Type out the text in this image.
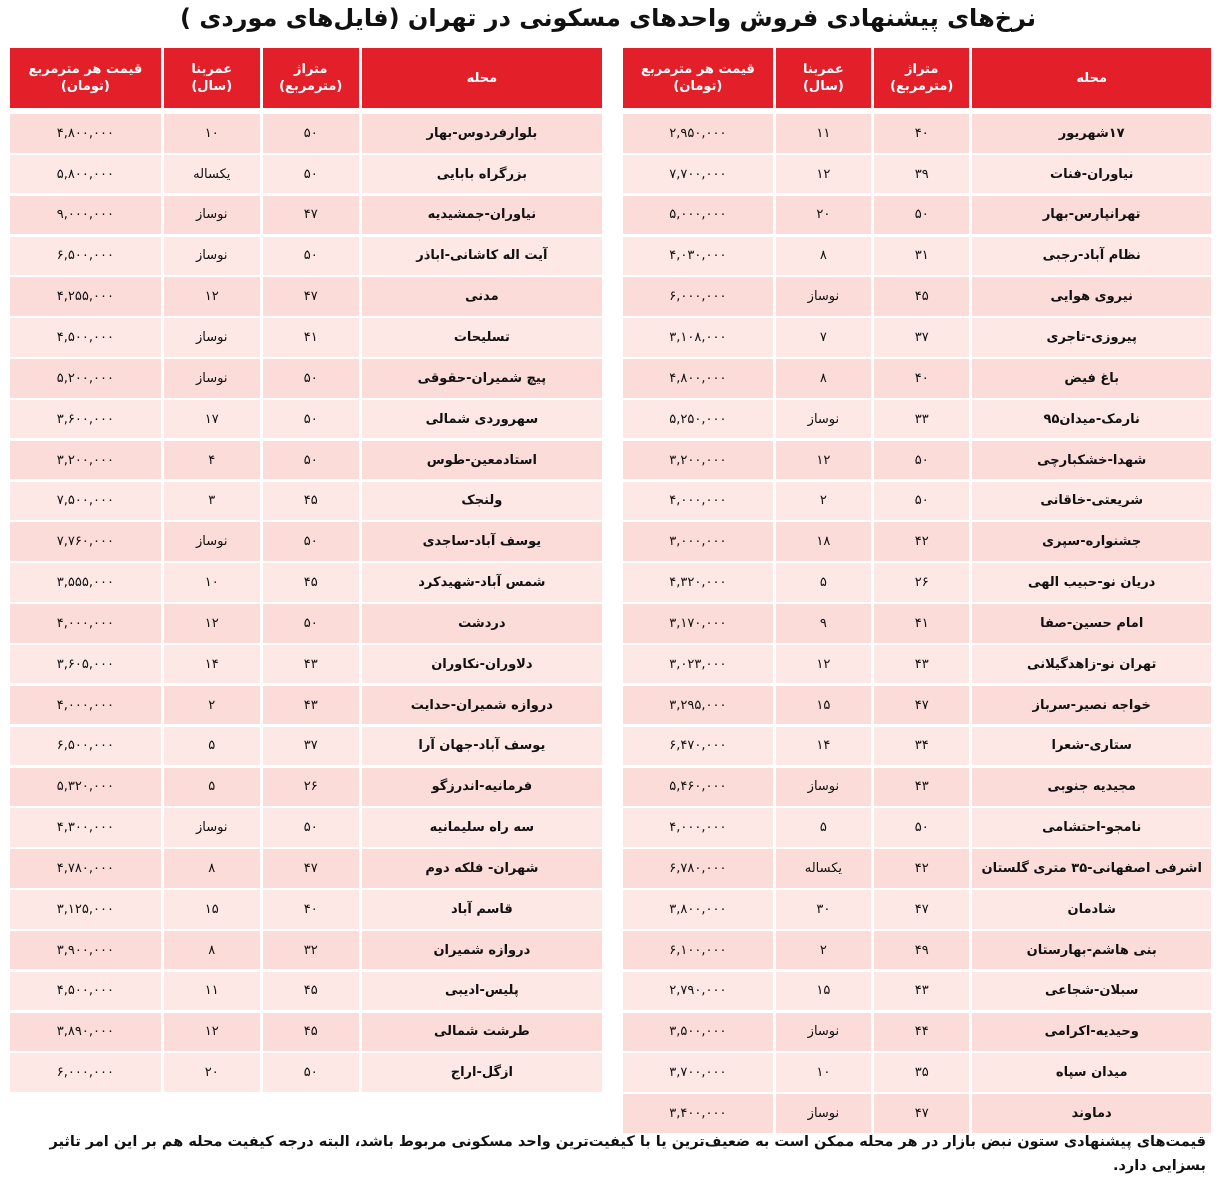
نرخ‌های پیشنهادی فروش واحدهای مسکونی در تهران (فایل‌های موردی )
محله
متراژ
(مترمربع)
عمربنا
(سال)
قیمت هر مترمربع
(تومان)
۱۷شهریور
۴۰
۱۱
۲,۹۵۰,۰۰۰
نیاوران-فنات
۳۹
۱۲
۷,۷۰۰,۰۰۰
تهرانپارس-بهار
۵۰
۲۰
۵,۰۰۰,۰۰۰
نظام آباد-رجبی
۳۱
۸
۴,۰۳۰,۰۰۰
نیروی هوایی
۴۵
نوساز
۶,۰۰۰,۰۰۰
پیروزی-تاجری
۳۷
۷
۳,۱۰۸,۰۰۰
باغ فیض
۴۰
۸
۴,۸۰۰,۰۰۰
نارمک-میدان۹۵
۳۳
نوساز
۵,۲۵۰,۰۰۰
شهدا-خشکبارچی
۵۰
۱۲
۳,۲۰۰,۰۰۰
شریعتی-خاقانی
۵۰
۲
۴,۰۰۰,۰۰۰
جشنواره-سپری
۴۲
۱۸
۳,۰۰۰,۰۰۰
دریان نو-حبیب الهی
۲۶
۵
۴,۳۲۰,۰۰۰
امام حسین-صفا
۴۱
۹
۳,۱۷۰,۰۰۰
تهران نو-زاهدگیلانی
۴۳
۱۲
۳,۰۲۳,۰۰۰
خواجه نصیر-سرباز
۴۷
۱۵
۳,۲۹۵,۰۰۰
ستاری-شعرا
۳۴
۱۴
۶,۴۷۰,۰۰۰
مجیدیه جنوبی
۴۳
نوساز
۵,۴۶۰,۰۰۰
نامجو-احتشامی
۵۰
۵
۴,۰۰۰,۰۰۰
اشرفی اصفهانی-۳۵ متری گلستان
۴۲
یکساله
۶,۷۸۰,۰۰۰
شادمان
۴۷
۳۰
۳,۸۰۰,۰۰۰
بنی هاشم-بهارستان
۴۹
۲
۶,۱۰۰,۰۰۰
سبلان-شجاعی
۴۳
۱۵
۲,۷۹۰,۰۰۰
وحیدیه-اکرامی
۴۴
نوساز
۳,۵۰۰,۰۰۰
میدان سپاه
۳۵
۱۰
۳,۷۰۰,۰۰۰
دماوند
۴۷
نوساز
۳,۴۰۰,۰۰۰
محله
متراژ
(مترمربع)
عمربنا
(سال)
قیمت هر مترمربع
(تومان)
بلوارفردوس-بهار
۵۰
۱۰
۴,۸۰۰,۰۰۰
بزرگراه بابایی
۵۰
یکساله
۵,۸۰۰,۰۰۰
نیاوران-جمشیدیه
۴۷
نوساز
۹,۰۰۰,۰۰۰
آیت اله کاشانی-اباذر
۵۰
نوساز
۶,۵۰۰,۰۰۰
مدنی
۴۷
۱۲
۴,۲۵۵,۰۰۰
تسلیحات
۴۱
نوساز
۴,۵۰۰,۰۰۰
پیچ شمیران-حقوقی
۵۰
نوساز
۵,۲۰۰,۰۰۰
سهروردی شمالی
۵۰
۱۷
۳,۶۰۰,۰۰۰
استادمعین-طوس
۵۰
۴
۳,۲۰۰,۰۰۰
ولنجک
۴۵
۳
۷,۵۰۰,۰۰۰
یوسف آباد-ساجدی
۵۰
نوساز
۷,۷۶۰,۰۰۰
شمس آباد-شهیدکرد
۴۵
۱۰
۳,۵۵۵,۰۰۰
دردشت
۵۰
۱۲
۴,۰۰۰,۰۰۰
دلاوران-نکاوران
۴۳
۱۴
۳,۶۰۵,۰۰۰
دروازه شمیران-حدایت
۴۳
۲
۴,۰۰۰,۰۰۰
یوسف آباد-جهان آرا
۳۷
۵
۶,۵۰۰,۰۰۰
فرمانیه-اندرزگو
۲۶
۵
۵,۳۲۰,۰۰۰
سه راه سلیمانیه
۵۰
نوساز
۴,۳۰۰,۰۰۰
شهران- فلکه دوم
۴۷
۸
۴,۷۸۰,۰۰۰
قاسم آباد
۴۰
۱۵
۳,۱۲۵,۰۰۰
دروازه شمیران
۳۲
۸
۳,۹۰۰,۰۰۰
پلیس-ادیبی
۴۵
۱۱
۴,۵۰۰,۰۰۰
طرشت شمالی
۴۵
۱۲
۳,۸۹۰,۰۰۰
ازگل-اراج
۵۰
۲۰
۶,۰۰۰,۰۰۰
قیمت‌های پیشنهادی ستون نبض بازار در هر محله ممکن است به ضعیف‌ترین یا با کیفیت‌ترین واحد مسکونی مربوط باشد، البته درجه کیفیت محله هم بر این امر تاثیر بسزایی دارد.
